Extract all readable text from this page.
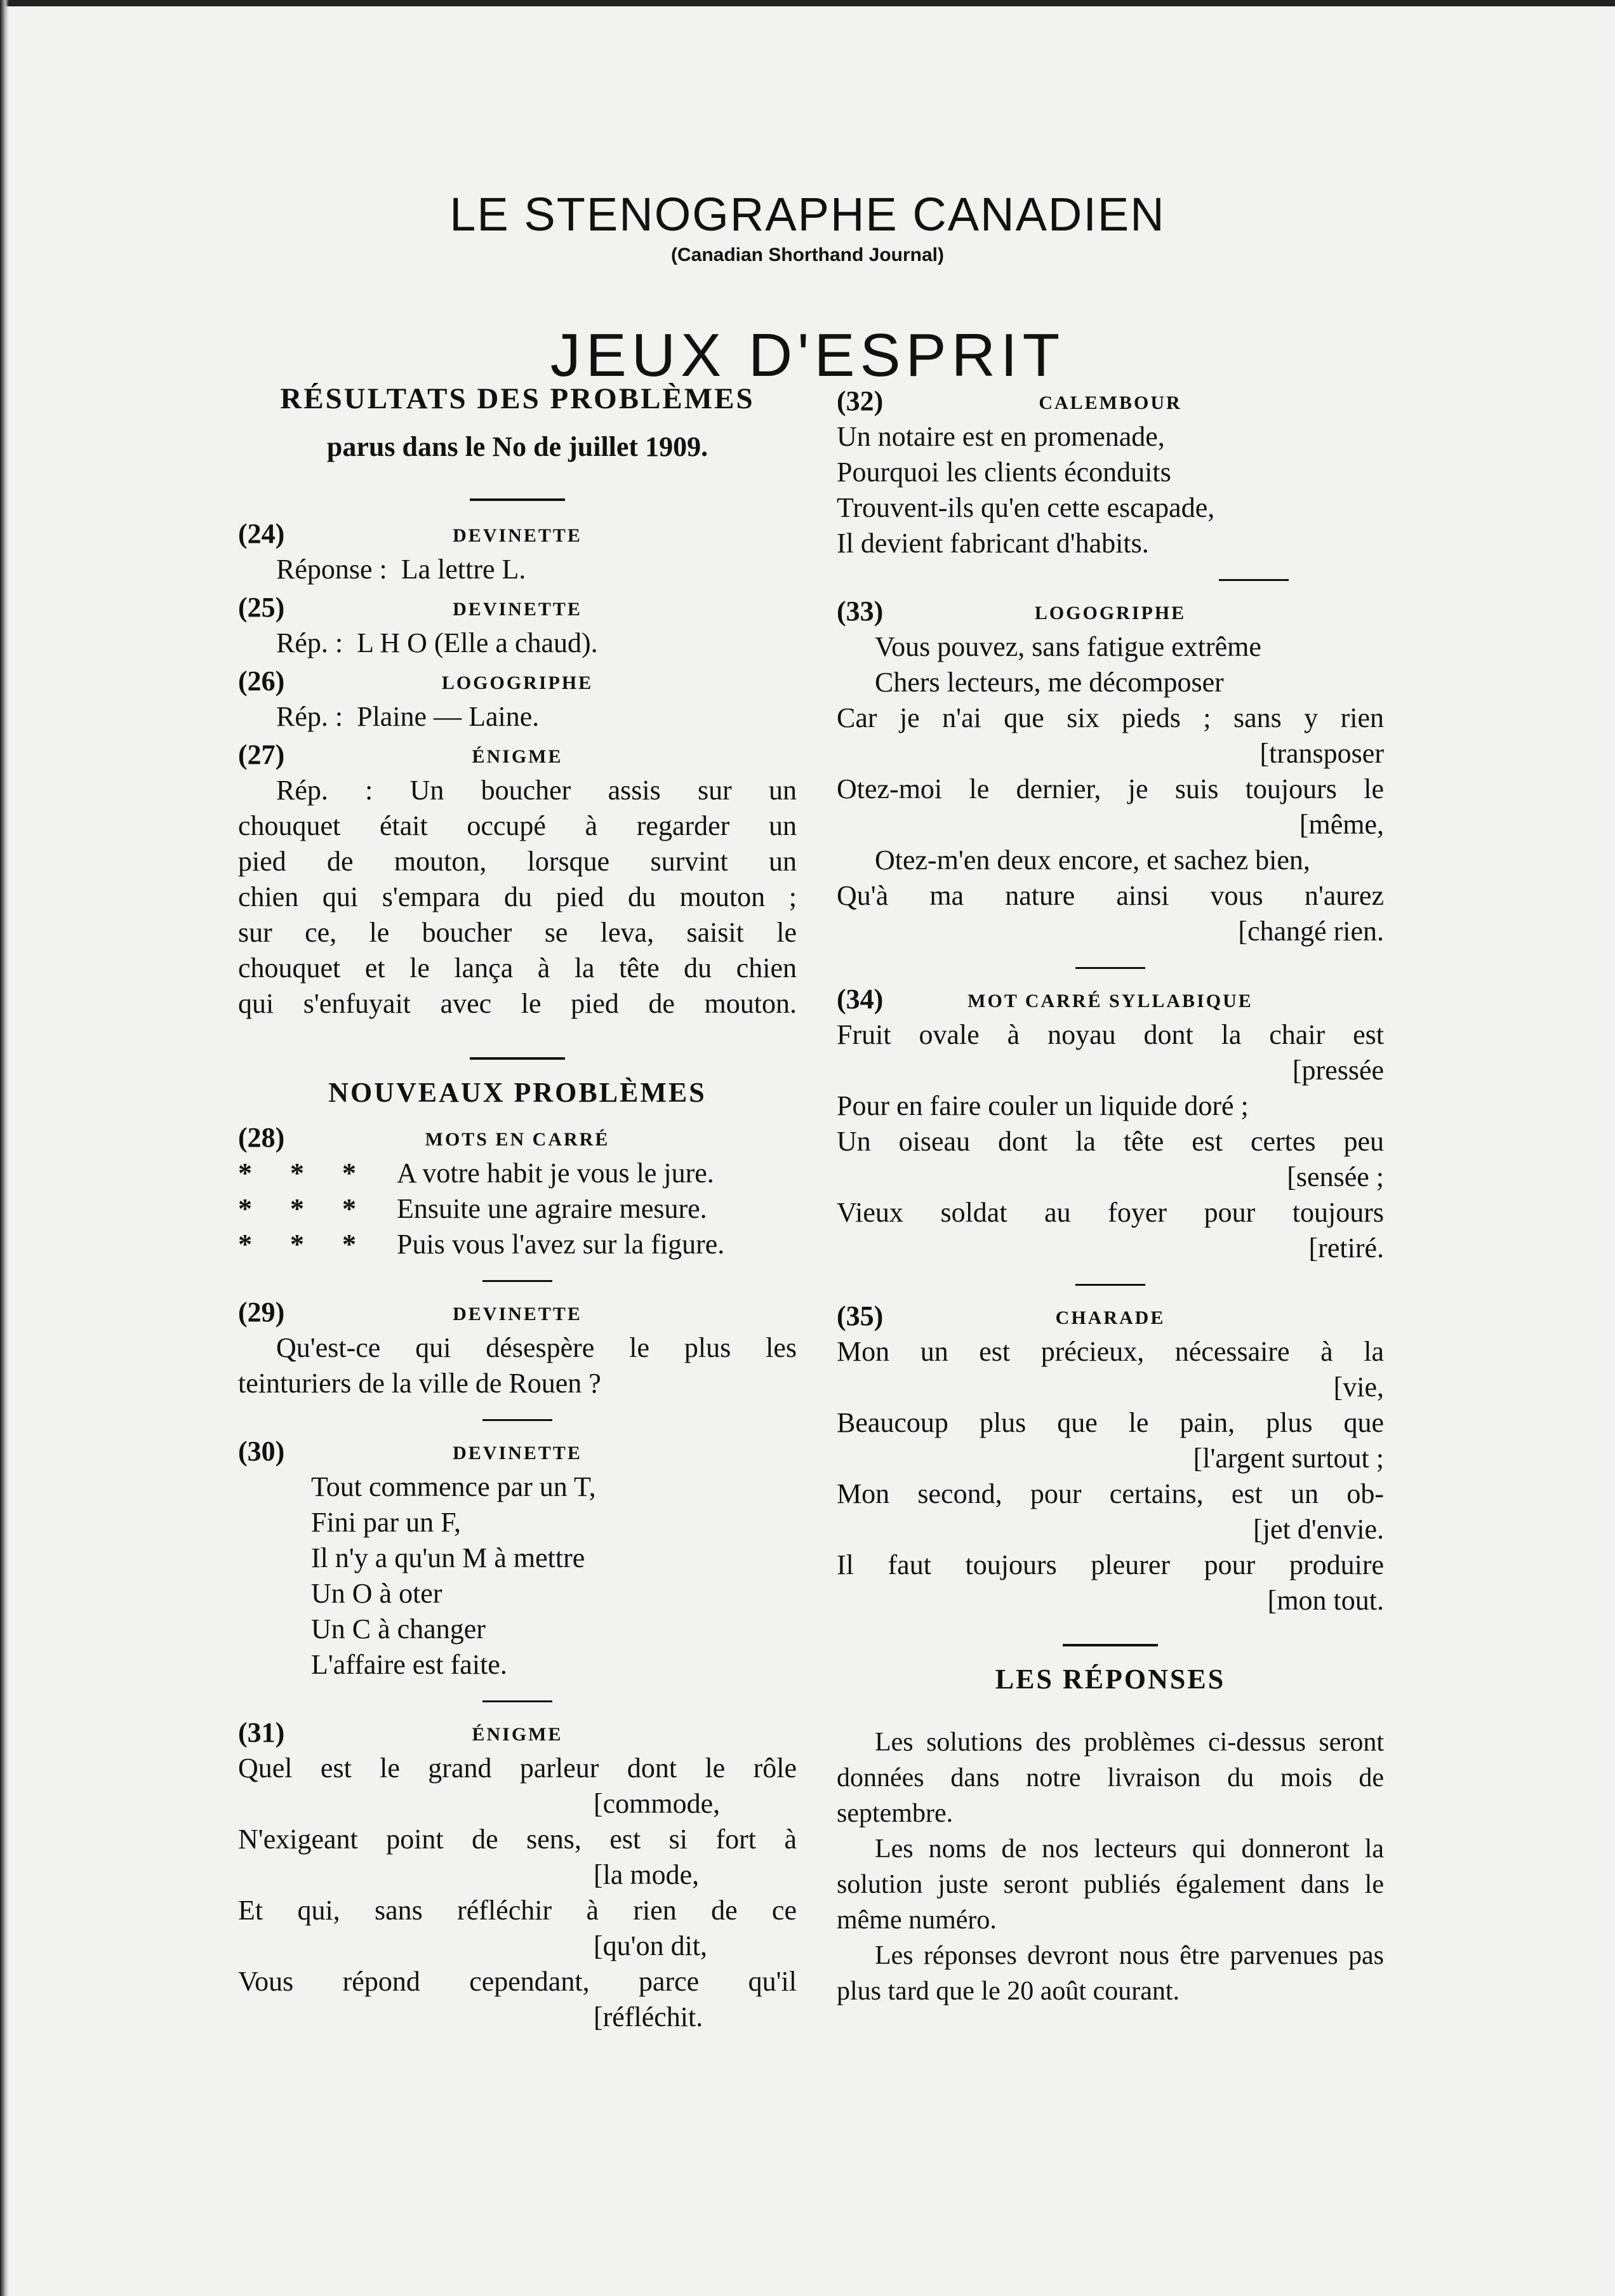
LE STENOGRAPHE CANADIEN
(Canadian Shorthand Journal)
JEUX D'ESPRIT
RÉSULTATS DES PROBLÈMES
parus dans le No de juillet 1909.
(24)	DEVINETTE
Réponse : La lettre L.
(25)	DEVINETTE
Rép. : L H O (Elle a chaud).
(26)	LOGOGRIPHE
Rép. : Plaine — Laine.
(27)	ÉNIGME
Rép. : Un boucher assis sur un
chouquet était occupé à regarder un
pied de mouton, lorsque survint un
chien qui s'empara du pied du mouton ;
sur ce, le boucher se leva, saisit le
chouquet et le lança à la tête du chien
qui s'enfuyait avec le pied de mouton.
NOUVEAUX PROBLÈMES
(28)	MOTS EN CARRÉ
* * * A votre habit je vous le jure.
* * * Ensuite une agraire mesure.
* * * Puis vous l'avez sur la figure.
(29)	DEVINETTE
Qu'est-ce qui désespère le plus les
teinturiers de la ville de Rouen ?
(30)	DEVINETTE
Tout commence par un T,
Fini par un F,
Il n'y a qu'un M à mettre
Un O à oter
Un C à changer
L'affaire est faite.
(31)	ÉNIGME
Quel est le grand parleur dont le rôle
[commode,
N'exigeant point de sens, est si fort à
[la mode,
Et qui, sans réfléchir à rien de ce
[qu'on dit,
Vous répond cependant, parce qu'il
[réfléchit.
(32)	CALEMBOUR
Un notaire est en promenade,
Pourquoi les clients éconduits
Trouvent-ils qu'en cette escapade,
Il devient fabricant d'habits.
(33)	LOGOGRIPHE
Vous pouvez, sans fatigue extrême
Chers lecteurs, me décomposer
Car je n'ai que six pieds ; sans y rien
[transposer
Otez-moi le dernier, je suis toujours le
[même,
Otez-m'en deux encore, et sachez bien,
Qu'à ma nature ainsi vous n'aurez
[changé rien.
(34)	MOT CARRÉ SYLLABIQUE
Fruit ovale à noyau dont la chair est
[pressée
Pour en faire couler un liquide doré ;
Un oiseau dont la tête est certes peu
[sensée ;
Vieux soldat au foyer pour toujours
[retiré.
(35)	CHARADE
Mon un est précieux, nécessaire à la
[vie,
Beaucoup plus que le pain, plus que
[l'argent surtout ;
Mon second, pour certains, est un ob-
[jet d'envie.
Il faut toujours pleurer pour produire
[mon tout.
LES RÉPONSES
Les solutions des problèmes ci-dessus seront données dans notre livraison du mois de septembre.
Les noms de nos lecteurs qui donneront la solution juste seront publiés également dans le même numéro.
Les réponses devront nous être parvenues pas plus tard que le 20 août courant.
